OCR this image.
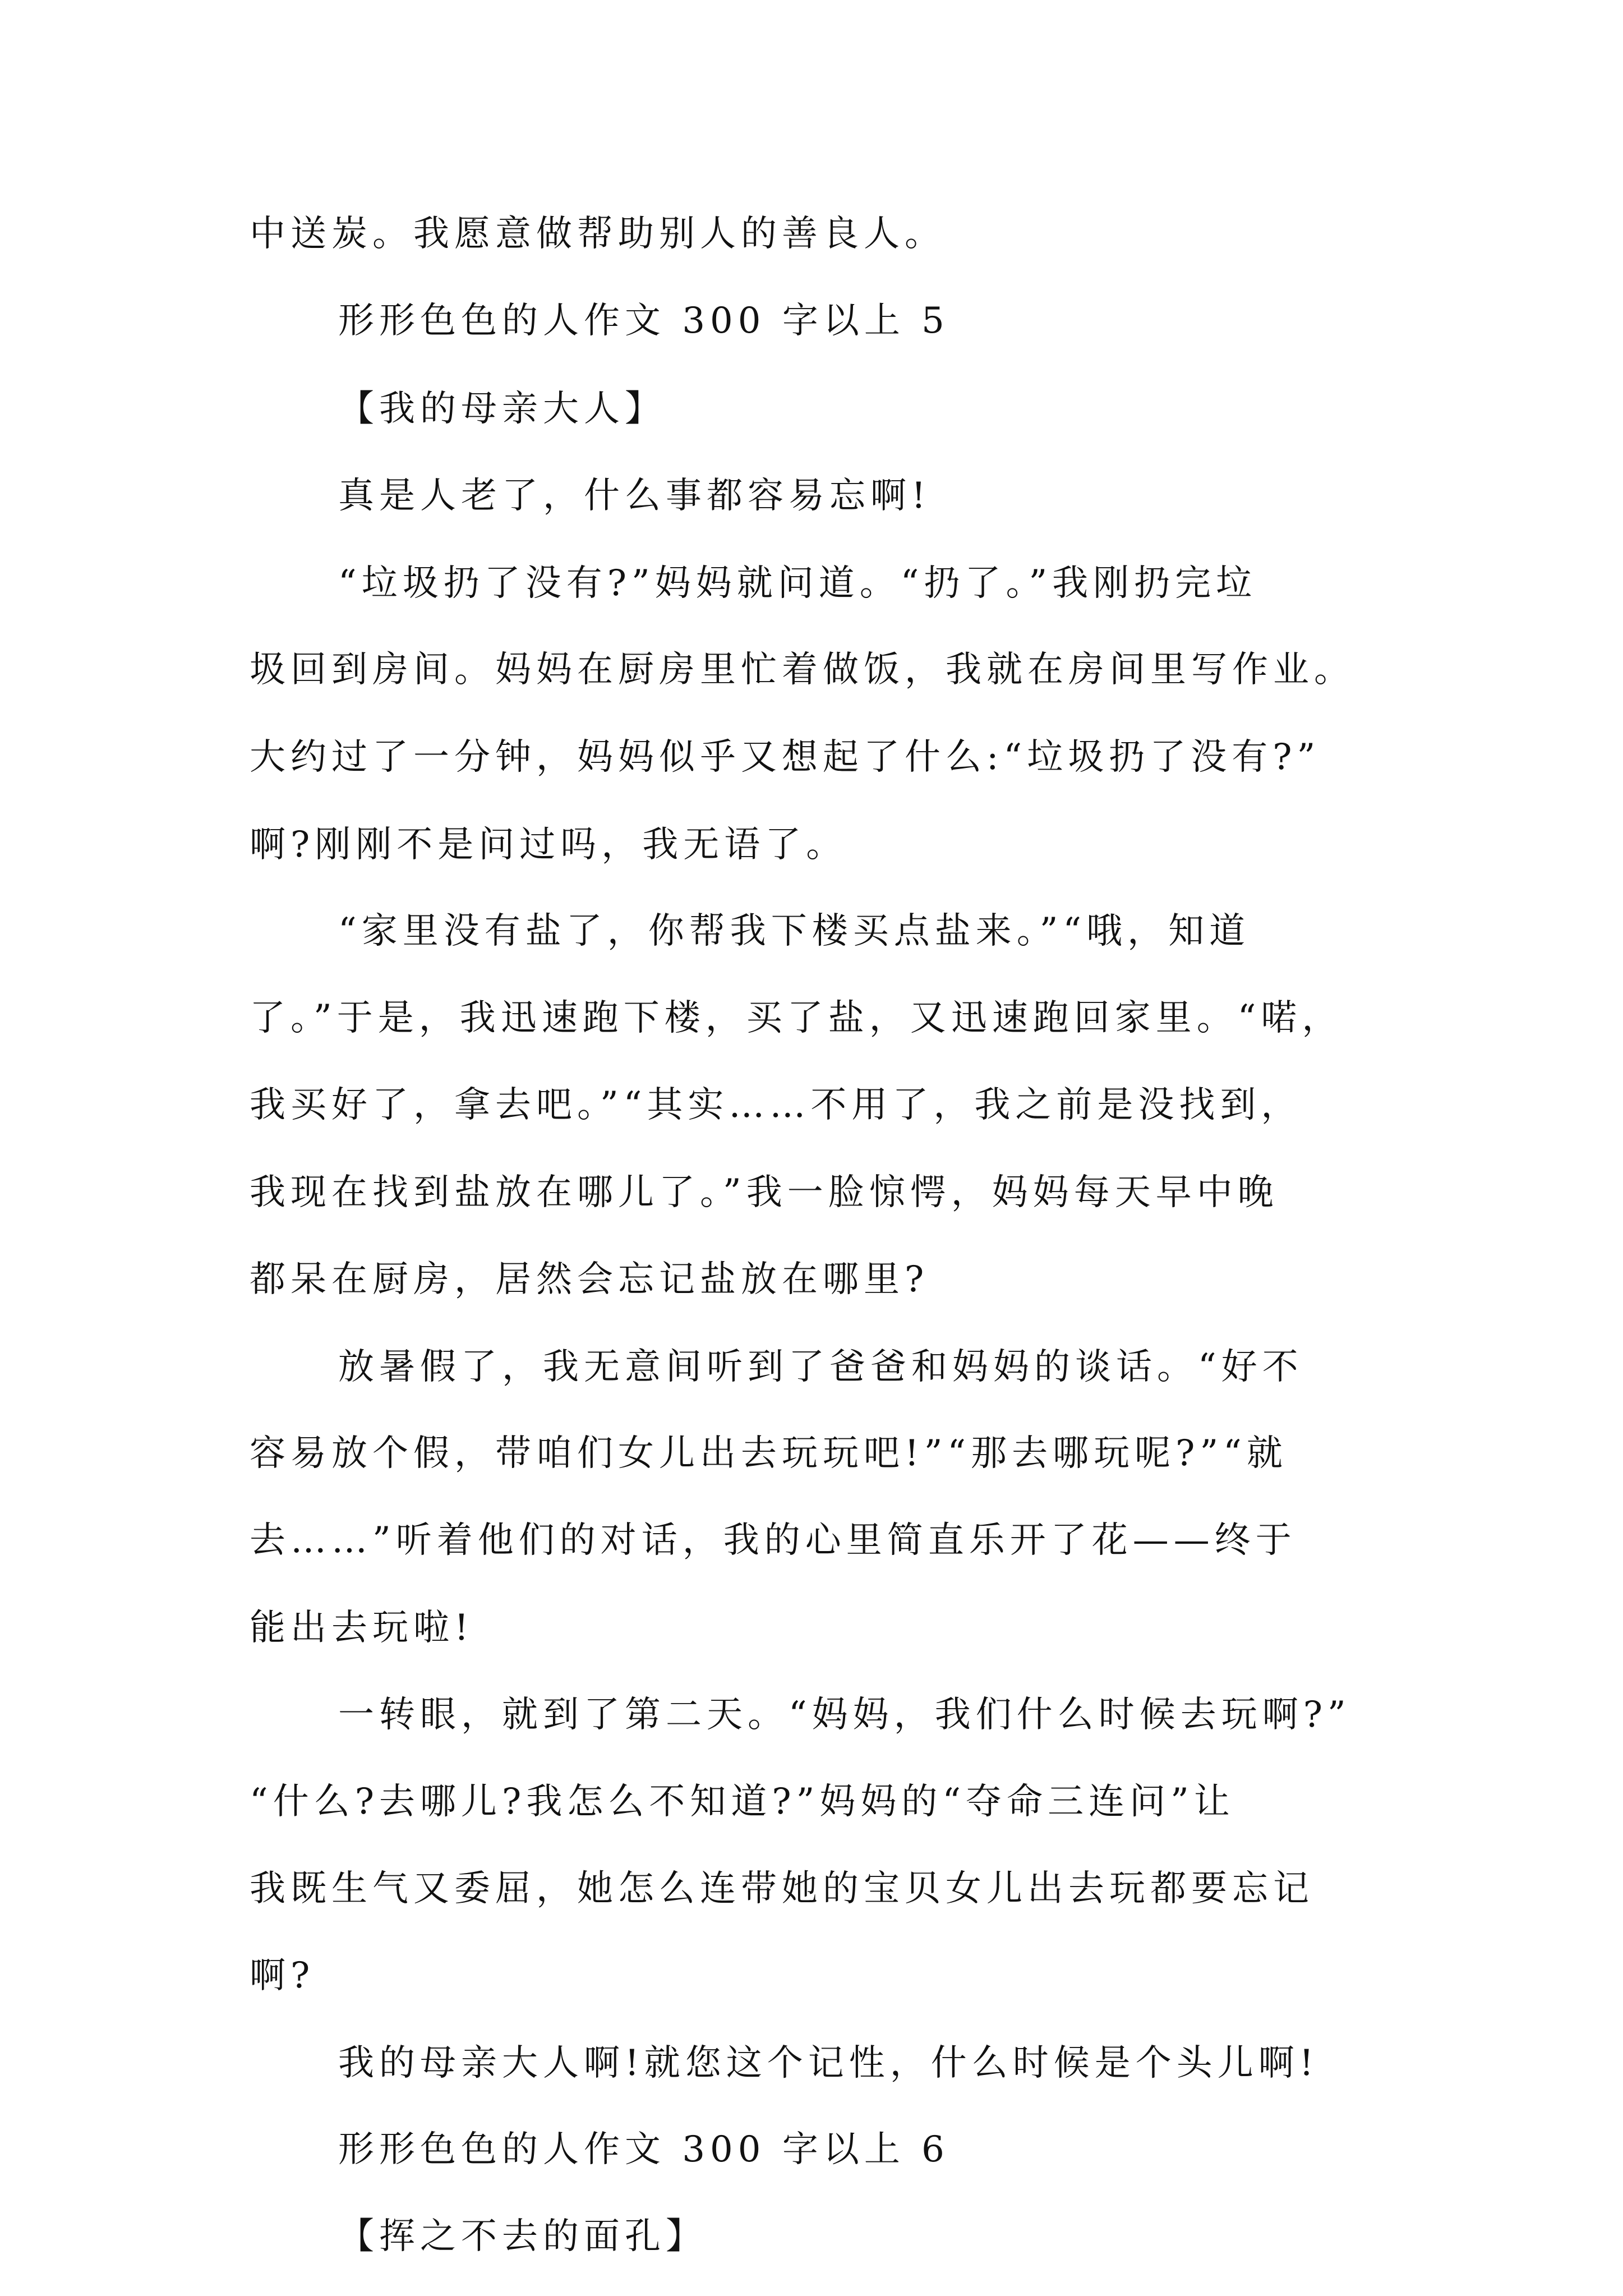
中送炭。我愿意做帮助别人的善良人。
形形色色的人作文 300 字以上 5
【我的母亲大人】
真是人老了，什么事都容易忘啊!
“垃圾扔了没有?”妈妈就问道。“扔了。”我刚扔完垃
圾回到房间。妈妈在厨房里忙着做饭，我就在房间里写作业。
大约过了一分钟，妈妈似乎又想起了什么:“垃圾扔了没有?”
啊?刚刚不是问过吗，我无语了。
“家里没有盐了，你帮我下楼买点盐来。”“哦，知道
了。”于是，我迅速跑下楼，买了盐，又迅速跑回家里。“喏，
我买好了，拿去吧。”“其实……不用了，我之前是没找到，
我现在找到盐放在哪儿了。”我一脸惊愕，妈妈每天早中晚
都呆在厨房，居然会忘记盐放在哪里?
放暑假了，我无意间听到了爸爸和妈妈的谈话。“好不
容易放个假，带咱们女儿出去玩玩吧!”“那去哪玩呢?”“就
去……”听着他们的对话，我的心里简直乐开了花——终于
能出去玩啦!
一转眼，就到了第二天。“妈妈，我们什么时候去玩啊?”
“什么?去哪儿?我怎么不知道?”妈妈的“夺命三连问”让
我既生气又委屈，她怎么连带她的宝贝女儿出去玩都要忘记
啊?
我的母亲大人啊!就您这个记性，什么时候是个头儿啊!
形形色色的人作文 300 字以上 6
【挥之不去的面孔】
